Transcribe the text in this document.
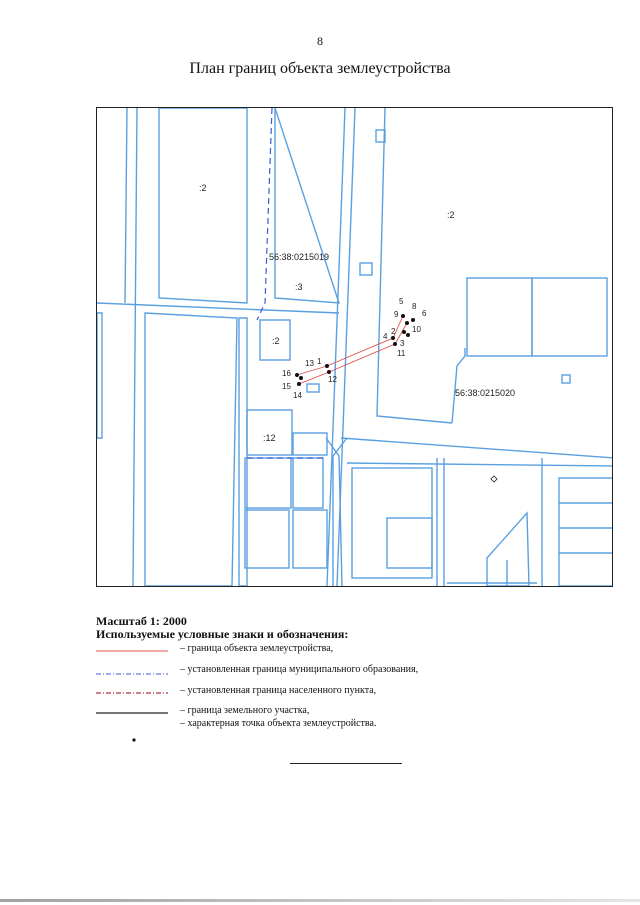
8
План границ объекта землеустройства
:2
:2
56:38:0215019
:3
:2
56:38:0215020
:12
1
2
3
4
5
6
9
8
10
11
12
13
14
15
16
Масштаб 1: 2000
Используемые условные знаки и обозначения:
– граница объекта землеустройства,
– установленная граница муниципального образования,
– установленная граница населенного пункта,
– граница земельного участка,
– характерная точка объекта землеустройства.
